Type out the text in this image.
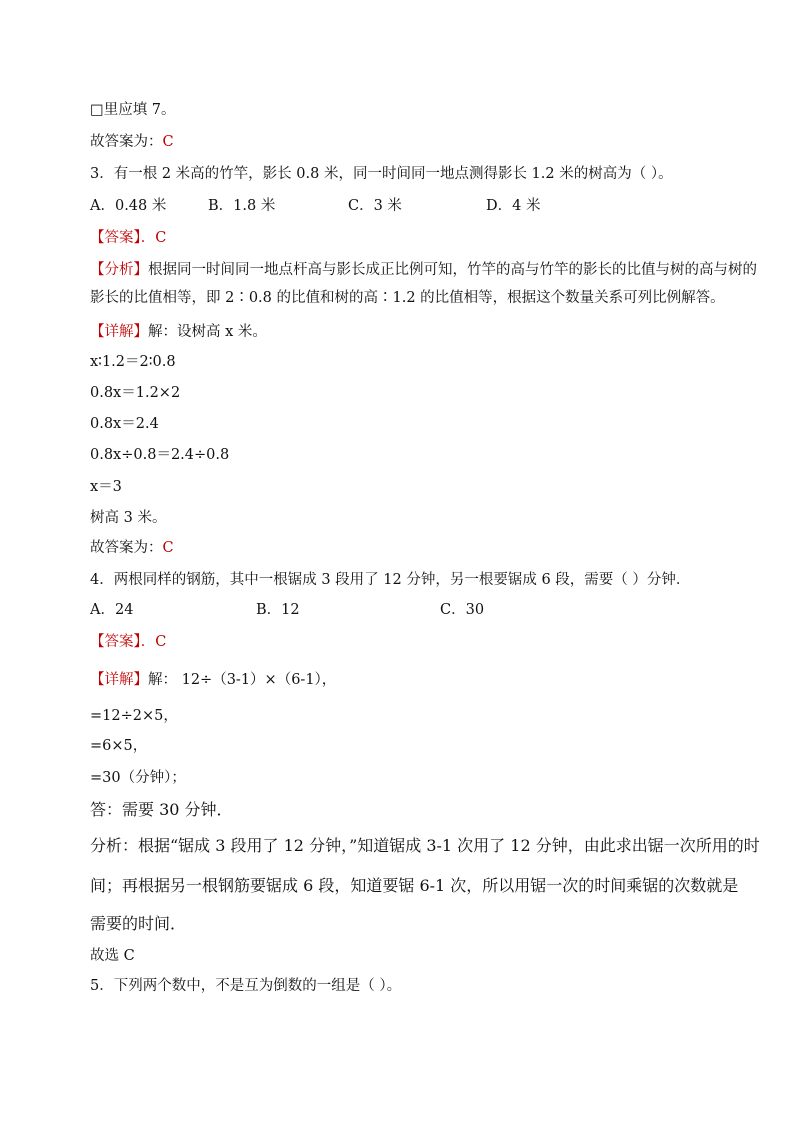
□里应填 7。
故答案为：C
3．有一根 2 米高的竹竿，影长 0.8 米，同一时间同一地点测得影长 1.2 米的树高为（ ）。
A．0.48 米	B．1.8 米	C．3 米	D．4 米
【答案】．C
【分析】根据同一时间同一地点杆高与影长成正比例可知，竹竿的高与竹竿的影长的比值与树的高与树的
影长的比值相等，即 2∶0.8 的比值和树的高∶1.2 的比值相等，根据这个数量关系可列比例解答。
【详解】解：设树高 x 米。
x∶1.2＝2∶0.8
0.8x＝1.2×2
0.8x＝2.4
0.8x÷0.8＝2.4÷0.8
x＝3
树高 3 米。
故答案为：C
4．两根同样的钢筋，其中一根锯成 3 段用了 12 分钟，另一根要锯成 6 段，需要（ ）分钟．
A．24	B．12	C．30
【答案】．C
【详解】解： 12÷（3-1）×（6-1），
=12÷2×5，
=6×5，
=30（分钟）；
答：需要 30 分钟．
分析：根据“锯成 3 段用了 12 分钟，”知道锯成 3-1 次用了 12 分钟，由此求出锯一次所用的时
间；再根据另一根钢筋要锯成 6 段，知道要锯 6-1 次，所以用锯一次的时间乘锯的次数就是
需要的时间．
故选 C
5．下列两个数中，不是互为倒数的一组是（ ）。
